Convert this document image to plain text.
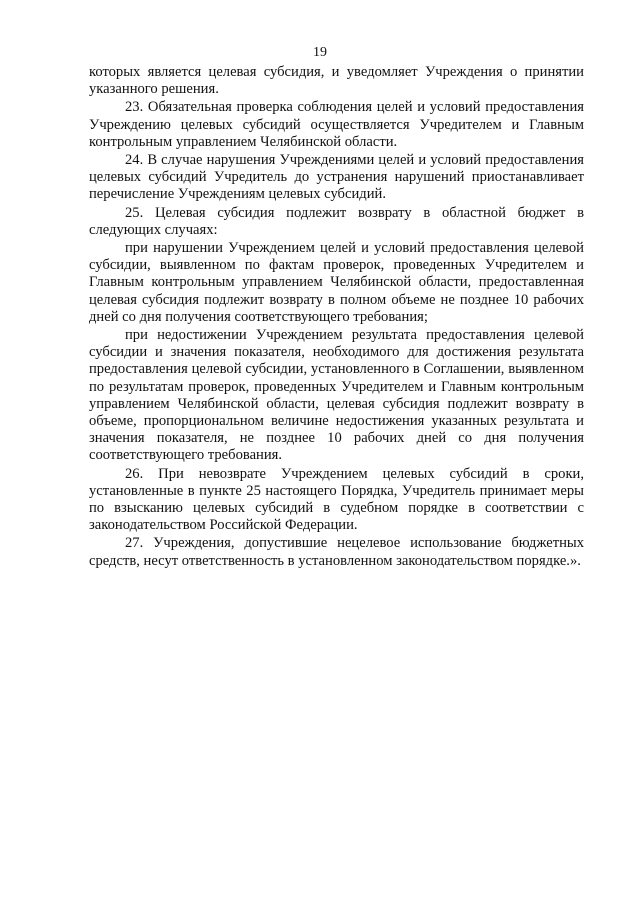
19

которых является целевая субсидия, и уведомляет Учреждения о принятии указанного решения.

23. Обязательная проверка соблюдения целей и условий предоставления Учреждению целевых субсидий осуществляется Учредителем и Главным контрольным управлением Челябинской области.

24. В случае нарушения Учреждениями целей и условий предоставления целевых субсидий Учредитель до устранения нарушений приостанавливает перечисление Учреждениям целевых субсидий.

25. Целевая субсидия подлежит возврату в областной бюджет в следующих случаях:

при нарушении Учреждением целей и условий предоставления целевой субсидии, выявленном по фактам проверок, проведенных Учредителем и Главным контрольным управлением Челябинской области, предоставленная целевая субсидия подлежит возврату в полном объеме не позднее 10 рабочих дней со дня получения соответствующего требования;

при недостижении Учреждением результата предоставления целевой субсидии и значения показателя, необходимого для достижения результата предоставления целевой субсидии, установленного в Соглашении, выявленном по результатам проверок, проведенных Учредителем и Главным контрольным управлением Челябинской области, целевая субсидия подлежит возврату в объеме, пропорциональном величине недостижения указанных результата и значения показателя, не позднее 10 рабочих дней со дня получения соответствующего требования.

26. При невозврате Учреждением целевых субсидий в сроки, установленные в пункте 25 настоящего Порядка, Учредитель принимает меры по взысканию целевых субсидий в судебном порядке в соответствии с законодательством Российской Федерации.

27. Учреждения, допустившие нецелевое использование бюджетных средств, несут ответственность в установленном законодательством порядке.».
